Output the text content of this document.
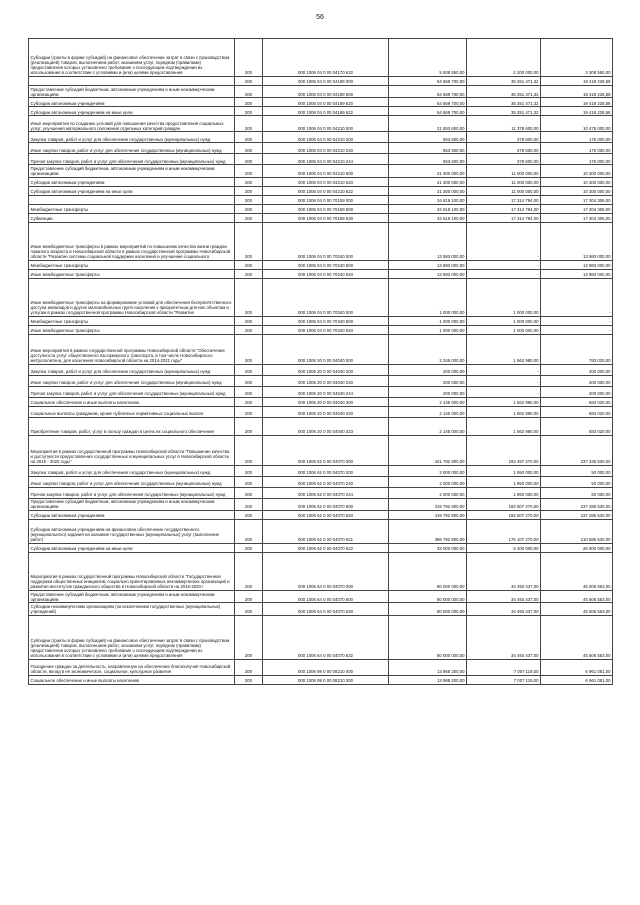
56
Субсидии (гранты в форме субсидий) на финансовое обеспечение затрат в связи с производством (реализацией) товаров, выполнением работ, оказанием услуг, порядком (правилами) предоставления которых установлено требование о последующем подтверждении их использования в соответствии с условиями и (или) целями предоставления	200	000 1006 04 0 00 04170 632	5 508 550,00	2 200 000,00	3 308 550,00
	200	000 1006 04 0 00 04189 000	54 669 700,00	35 251 471,32	19 418 228,68
Предоставление субсидий бюджетным, автономным учреждениям и иным некоммерческим организациям	200	000 1006 04 0 00 04189 600	54 669 700,00	35 251 471,32	19 418 228,68
Субсидии автономным учреждениям	200	000 1006 04 0 00 04189 620	54 669 700,00	35 251 471,32	19 418 228,68
Субсидии автономным учреждениям на иные цели	200	000 1006 04 0 00 04189 622	54 669 700,00	35 251 471,32	19 418 228,68
Иные мероприятия по созданию условий для повышения качества предоставления социальных услуг, улучшения материального положения отдельных категорий граждан	200	000 1006 04 0 00 04210 000	21 853 600,00	11 378 600,00	10 475 000,00
Закупка товаров, работ и услуг для обеспечения государственных (муниципальных) нужд	200	000 1006 04 0 00 04210 200	553 600,00	378 600,00	175 000,00
Иные закупки товаров, работ и услуг для обеспечения государственных (муниципальных) нужд	200	000 1006 04 0 00 04210 240	553 600,00	378 600,00	175 000,00
Прочая закупка товаров, работ и услуг для обеспечения государственных (муниципальных) нужд	200	000 1006 04 0 00 04210 244	553 600,00	378 600,00	175 000,00
Предоставление субсидий бюджетным, автономным учреждениям и иным некоммерческим организациям	200	000 1006 04 0 00 04210 600	21 300 000,00	11 000 000,00	10 300 000,00
Субсидии автономным учреждениям	200	000 1006 04 0 00 04210 620	21 300 000,00	11 000 000,00	10 300 000,00
Субсидии автономным учреждениям на иные цели	200	000 1006 04 0 00 04210 622	21 300 000,00	11 000 000,00	10 300 000,00
	200	000 1006 04 0 00 70159 000	34 619 100,00	17 314 794,00	17 304 306,00
Межбюджетные трансферты	200	000 1006 04 0 00 70159 500	34 619 100,00	17 314 794,00	17 304 306,00
Субвенции	200	000 1006 04 0 00 70159 530	34 619 100,00	17 314 794,00	17 304 306,00
Иные межбюджетные трансферты в рамках мероприятий по повышению качества жизни граждан пожилого возраста в Новосибирской области в рамках государственной программы Новосибирской области "Развитие системы социальной поддержки населения и улучшение социального	200	000 1006 04 0 00 70240 000	13 983 000,00	-	13 983 000,00
Межбюджетные трансферты	200	000 1006 04 0 00 70240 500	13 983 000,00	-	13 983 000,00
Иные межбюджетные трансферты	200	000 1006 04 0 00 70240 540	13 983 000,00	-	13 983 000,00
Иные межбюджетные трансферты на формирование условий для обеспечения беспрепятственного доступа инвалидов и других маломобильных групп населения к приоритетным для них объектам и услугам в рамках государственной программы Новосибирской области "Развитие	200	000 1006 04 0 00 70340 000	1 000 000,00	1 000 000,00	-
Межбюджетные трансферты	200	000 1006 04 0 00 70340 500	1 000 000,00	1 000 000,00	-
Иные межбюджетные трансферты	200	000 1006 04 0 00 70340 540	1 000 000,00	1 000 000,00	-
Иные мероприятия в рамках государственной программы Новосибирской области "Обеспечение доступности услуг общественного пассажирского транспорта, в том числе Новосибирского метрополитена, для населения Новосибирской области на 2014-2021 годы"	200	000 1006 20 0 00 04040 000	2 345 000,00	1 562 980,00	783 020,00
Закупка товаров, работ и услуг для обеспечения государственных (муниципальных) нужд	200	000 1006 20 0 00 04040 200	200 000,00	-	200 000,00
Иные закупки товаров, работ и услуг для обеспечения государственных (муниципальных) нужд	200	000 1006 20 0 00 04040 240	200 000,00	-	200 000,00
Прочая закупка товаров, работ и услуг для обеспечения государственных (муниципальных) нужд	200	000 1006 20 0 00 04040 244	200 000,00	-	200 000,00
Социальное обеспечение и иные выплаты населению	200	000 1006 20 0 00 04040 300	2 145 000,00	1 562 980,00	583 020,00
Социальные выплаты гражданам, кроме публичных нормативных социальных выплат	200	000 1006 20 0 00 04040 320	2 145 000,00	1 562 980,00	583 020,00
Приобретение товаров, работ, услуг в пользу граждан в целях их социального обеспечения	200	000 1006 20 0 00 04040 323	2 145 000,00	1 562 980,00	583 020,00
Мероприятия в рамках государственной программы Новосибирской области "Повышение качества и доступности предоставления государственных и муниципальных услуг в Новосибирской области на 2015 - 2020 годы"	200	000 1006 62 0 00 04070 000	421 792 800,00	184 457 270,00	237 335 530,00
Закупка товаров, работ и услуг для обеспечения государственных (муниципальных) нужд	200	000 1006 62 0 00 04070 200	2 000 000,00	1 950 000,00	50 000,00
Иные закупки товаров, работ и услуг для обеспечения государственных (муниципальных) нужд	200	000 1006 62 0 00 04070 240	2 000 000,00	1 950 000,00	50 000,00
Прочая закупка товаров, работ и услуг для обеспечения государственных (муниципальных) нужд	200	000 1006 62 0 00 04070 244	2 000 000,00	1 950 000,00	50 000,00
Предоставление субсидий бюджетным, автономным учреждениям и иным некоммерческим организациям	200	000 1006 62 0 00 04070 600	419 792 800,00	182 507 270,00	237 285 530,00
Субсидии автономным учреждениям	200	000 1006 62 0 00 04070 620	419 792 800,00	182 507 270,00	237 285 530,00
Субсидии автономным учреждениям на финансовое обеспечение государственного (муниципального) задания на оказание государственных (муниципальных) услуг (выполнение работ)	200	000 1006 62 0 00 04070 621	386 792 800,00	176 107 270,00	210 685 530,00
Субсидии автономным учреждениям на иные цели	200	000 1006 62 0 00 04070 622	33 000 000,00	6 400 000,00	26 600 000,00
Мероприятия в рамках государственной программы Новосибирской области "Государственная поддержка общественных инициатив, социально ориентированных некоммерческих организаций и развития институтов гражданского общества в Новосибирской области на 2015-2020 г	200	000 1006 64 0 00 04070 000	80 000 000,00	34 493 437,00	45 506 563,00
Предоставление субсидий бюджетным, автономным учреждениям и иным некоммерческим организациям	200	000 1006 64 0 00 04070 600	80 000 000,00	34 493 437,00	45 506 563,00
Субсидии некоммерческим организациям (за исключением государственных (муниципальных) учреждений)	200	000 1006 64 0 00 04070 630	80 000 000,00	34 493 437,00	45 506 563,00
Субсидии (гранты в форме субсидий) на финансовое обеспечение затрат в связи с производством (реализацией) товаров, выполнением работ, оказанием услуг, порядком (правилами) предоставления которых установлено требование о последующем подтверждении их использования в соответствии с условиями и (или) целями предоставления	200	000 1006 64 0 00 04070 632	80 000 000,00	34 493 437,00	45 506 563,00
Поощрение граждан за деятельность, направленную на обеспечение благополучия Новосибирской области, вклад в её экономическое, социальное, культурное развитие	200	000 1006 99 0 00 08210 000	13 968 200,00	7 007 119,00	6 961 081,00
Социальное обеспечение и иные выплаты населению	200	000 1006 99 0 00 08210 300	13 968 200,00	7 007 119,00	6 961 081,00
